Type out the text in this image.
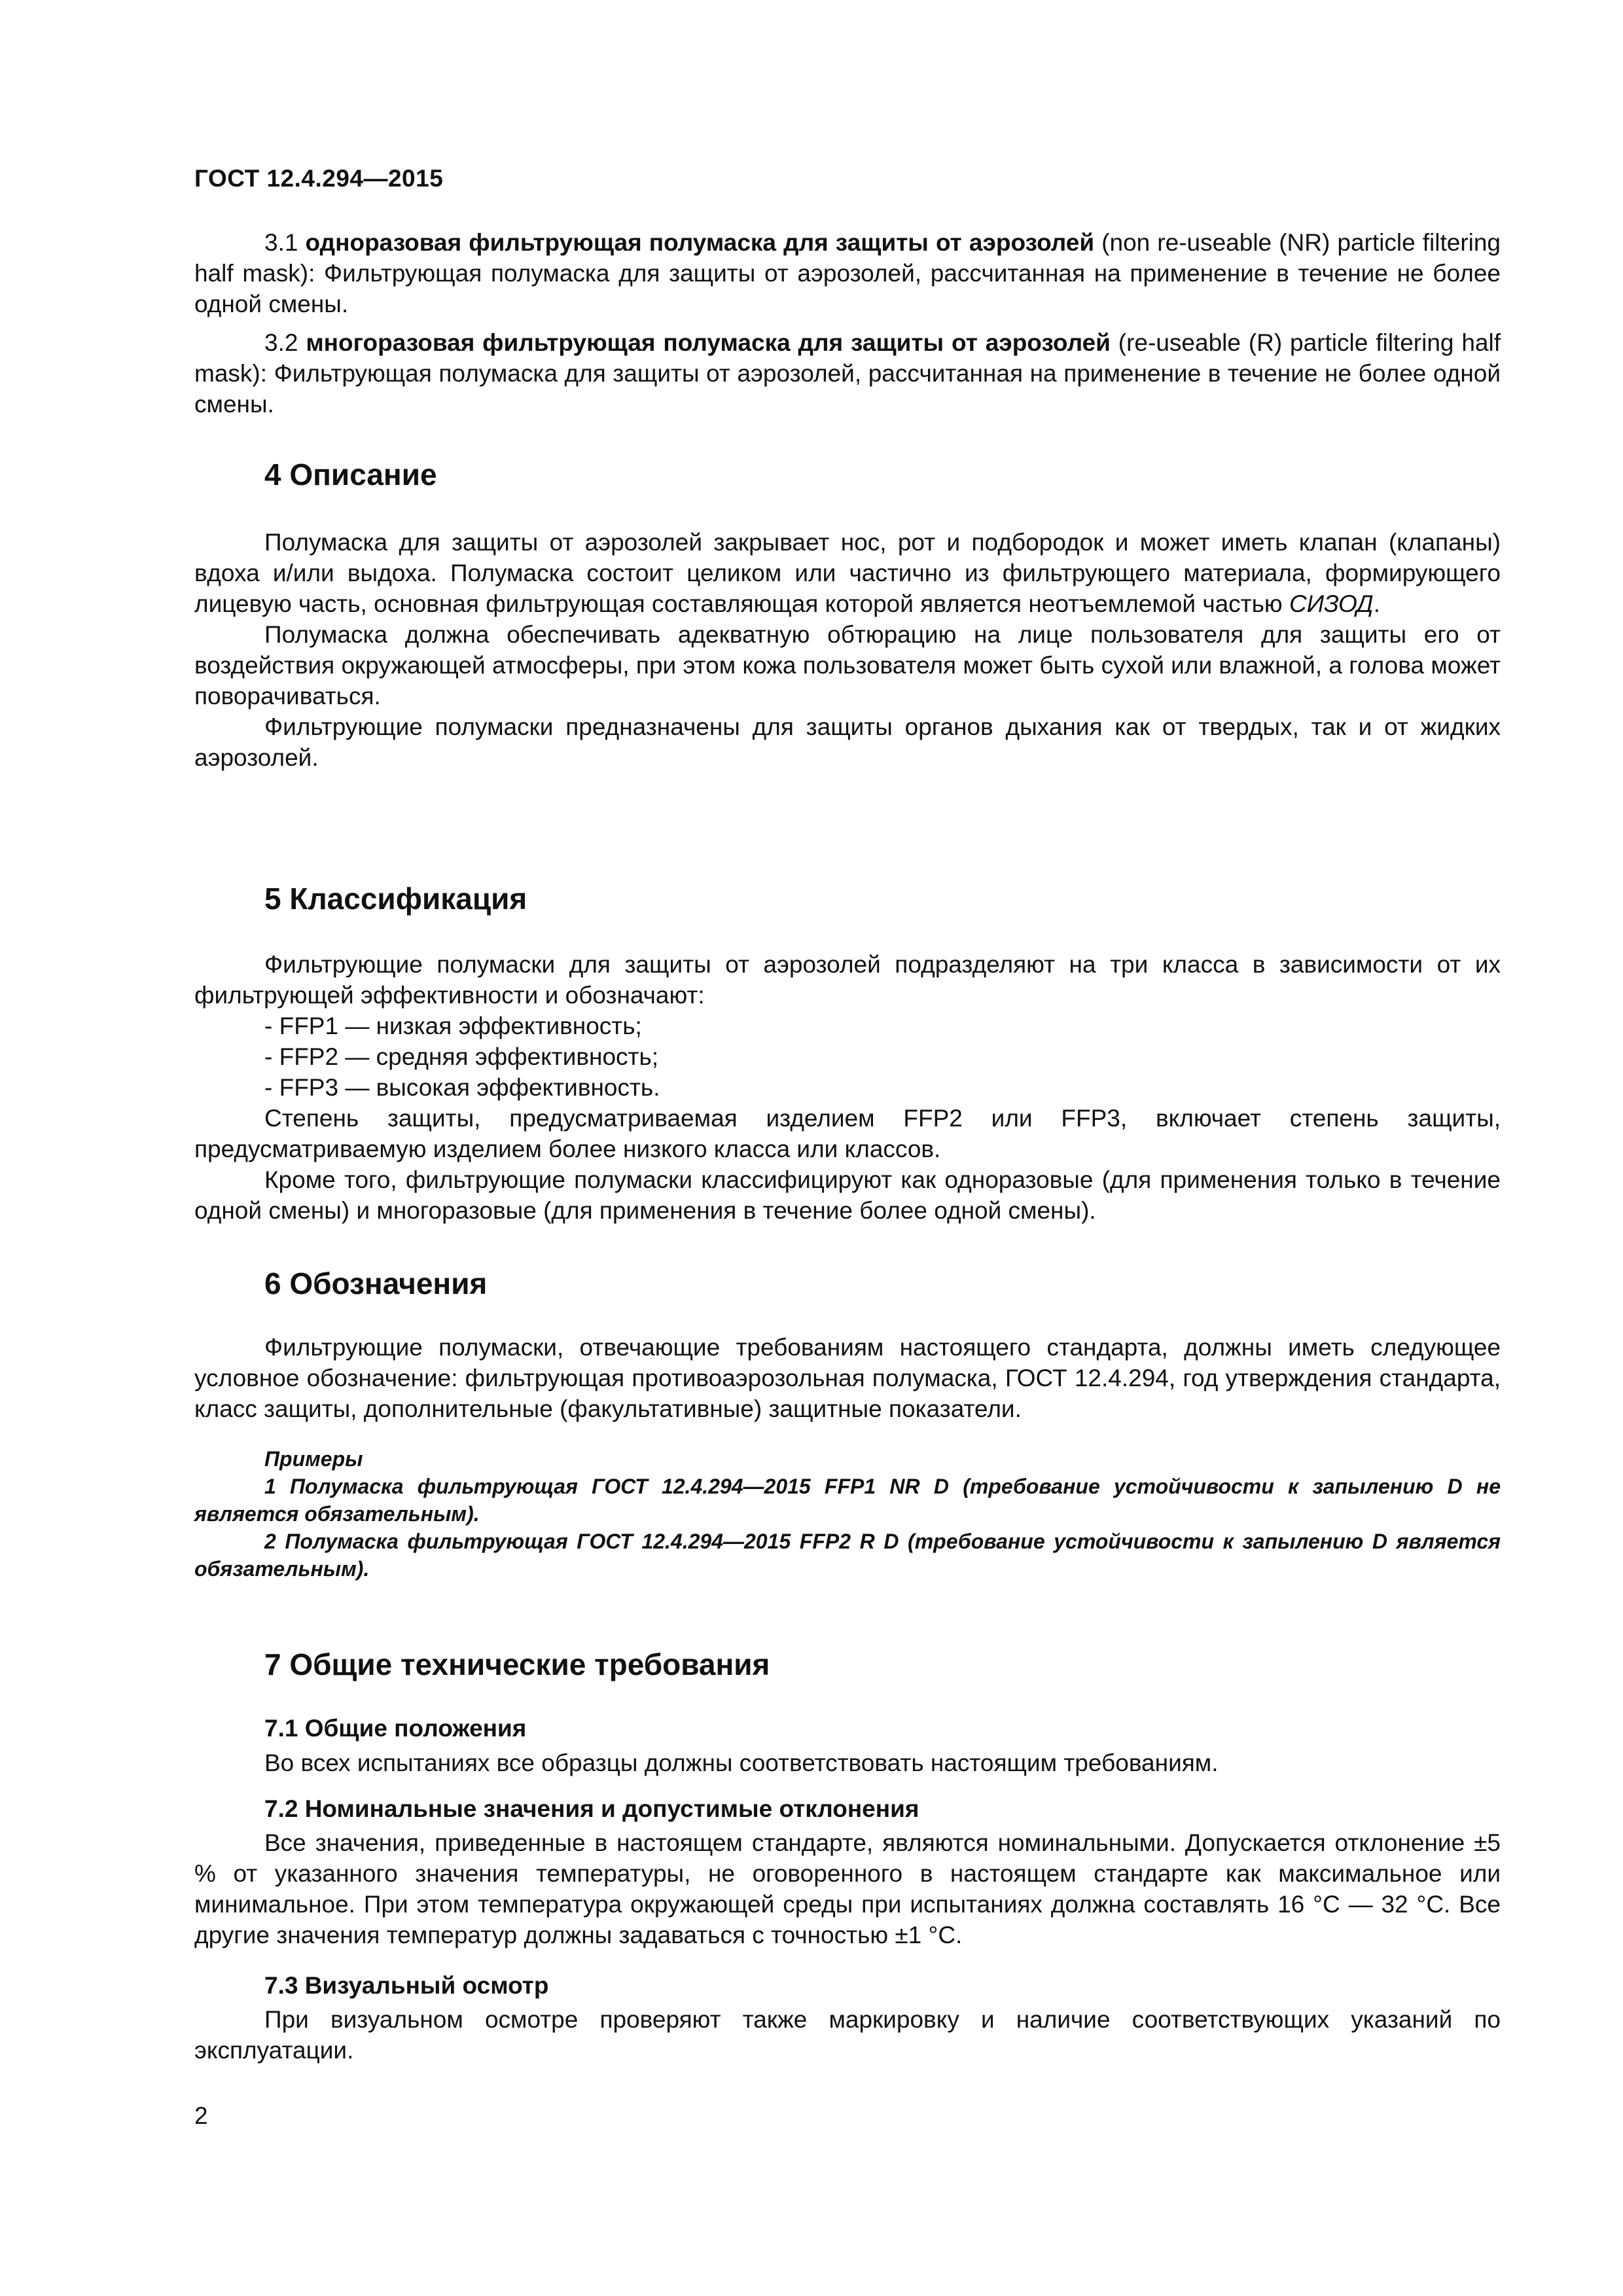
ГОСТ 12.4.294—2015

3.1 одноразовая фильтрующая полумаска для защиты от аэрозолей (non re-useable (NR) particle filtering half mask): Фильтрующая полумаска для защиты от аэрозолей, рассчитанная на применение в течение не более одной смены.

3.2 многоразовая фильтрующая полумаска для защиты от аэрозолей (re-useable (R) particle filtering half mask): Фильтрующая полумаска для защиты от аэрозолей, рассчитанная на применение в течение не более одной смены.

4 Описание

Полумаска для защиты от аэрозолей закрывает нос, рот и подбородок и может иметь клапан (клапаны) вдоха и/или выдоха. Полумаска состоит целиком или частично из фильтрующего материала, формирующего лицевую часть, основная фильтрующая составляющая которой является неотъемлемой частью СИЗОД.

Полумаска должна обеспечивать адекватную обтюрацию на лице пользователя для защиты его от воздействия окружающей атмосферы, при этом кожа пользователя может быть сухой или влажной, а голова может поворачиваться.

Фильтрующие полумаски предназначены для защиты органов дыхания как от твердых, так и от жидких аэрозолей.

5 Классификация

Фильтрующие полумаски для защиты от аэрозолей подразделяют на три класса в зависимости от их фильтрующей эффективности и обозначают:

- FFP1 — низкая эффективность;

- FFP2 — средняя эффективность;

- FFP3 — высокая эффективность.

Степень защиты, предусматриваемая изделием FFP2 или FFP3, включает степень защиты, предусматриваемую изделием более низкого класса или классов.

Кроме того, фильтрующие полумаски классифицируют как одноразовые (для применения только в течение одной смены) и многоразовые (для применения в течение более одной смены).

6 Обозначения

Фильтрующие полумаски, отвечающие требованиям настоящего стандарта, должны иметь следующее условное обозначение: фильтрующая противоаэрозольная полумаска, ГОСТ 12.4.294, год утверждения стандарта, класс защиты, дополнительные (факультативные) защитные показатели.

Примеры

1 Полумаска фильтрующая ГОСТ 12.4.294—2015 FFP1 NR D (требование устойчивости к запылению D не является обязательным).

2 Полумаска фильтрующая ГОСТ 12.4.294—2015 FFP2 R D (требование устойчивости к запылению D является обязательным).

7 Общие технические требования
7.1 Общие положения

Во всех испытаниях все образцы должны соответствовать настоящим требованиям.

7.2 Номинальные значения и допустимые отклонения

Все значения, приведенные в настоящем стандарте, являются номинальными. Допускается отклонение ±5 % от указанного значения температуры, не оговоренного в настоящем стандарте как максимальное или минимальное. При этом температура окружающей среды при испытаниях должна составлять 16 °С — 32 °С. Все другие значения температур должны задаваться с точностью ±1 °С.

7.3 Визуальный осмотр

При визуальном осмотре проверяют также маркировку и наличие соответствующих указаний по эксплуатации.

2
